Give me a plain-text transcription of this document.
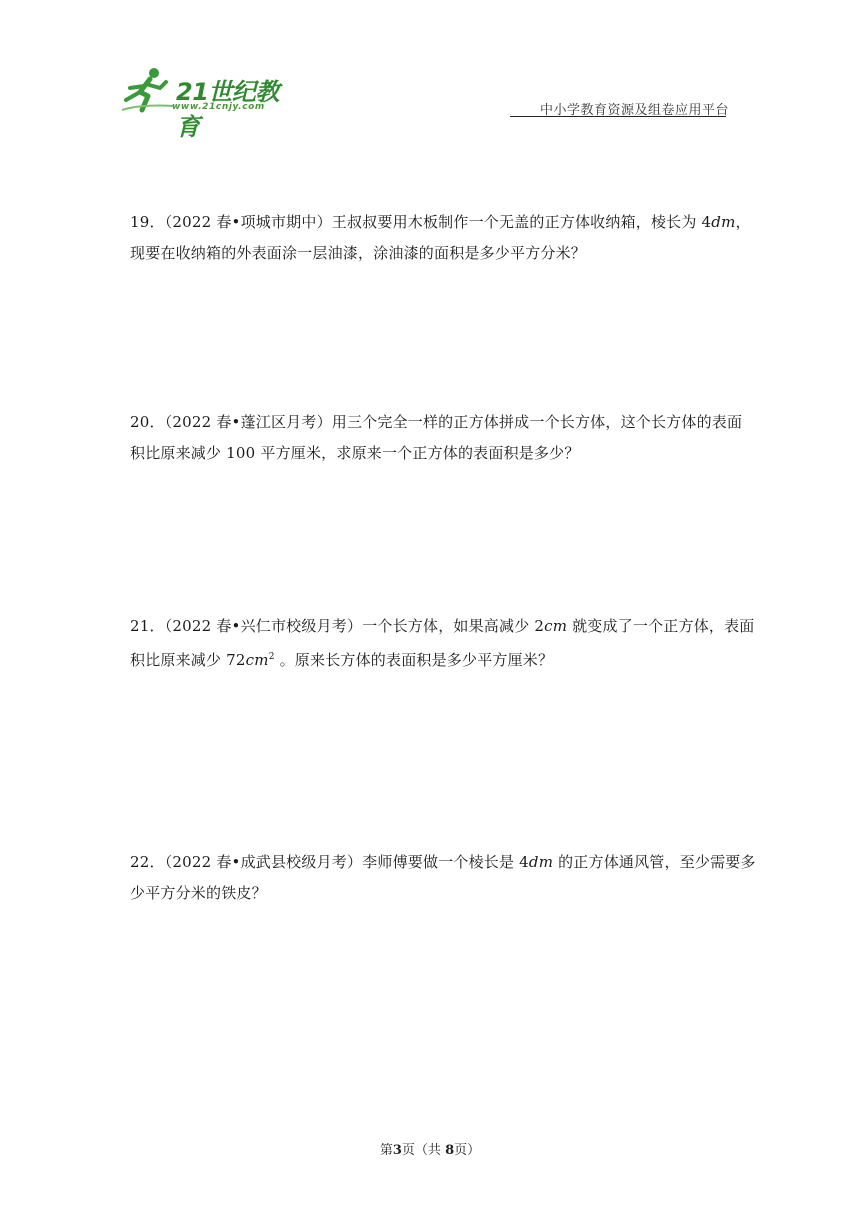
21世纪教育
www.21cnjy.com	中小学教育资源及组卷应用平台
19．（2022 春•项城市期中）王叔叔要用木板制作一个无盖的正方体收纳箱，棱长为 4dm，
现要在收纳箱的外表面涂一层油漆，涂油漆的面积是多少平方分米？
20．（2022 春•蓬江区月考）用三个完全一样的正方体拼成一个长方体，这个长方体的表面
积比原来减少 100 平方厘米，求原来一个正方体的表面积是多少？
21．（2022 春•兴仁市校级月考）一个长方体，如果高减少 2cm 就变成了一个正方体，表面
积比原来减少 $72cm^2$ 。原来长方体的表面积是多少平方厘米？
22．（2022 春•成武县校级月考）李师傅要做一个棱长是 4dm 的正方体通风管，至少需要多
少平方分米的铁皮？
第3页（共 8页）
